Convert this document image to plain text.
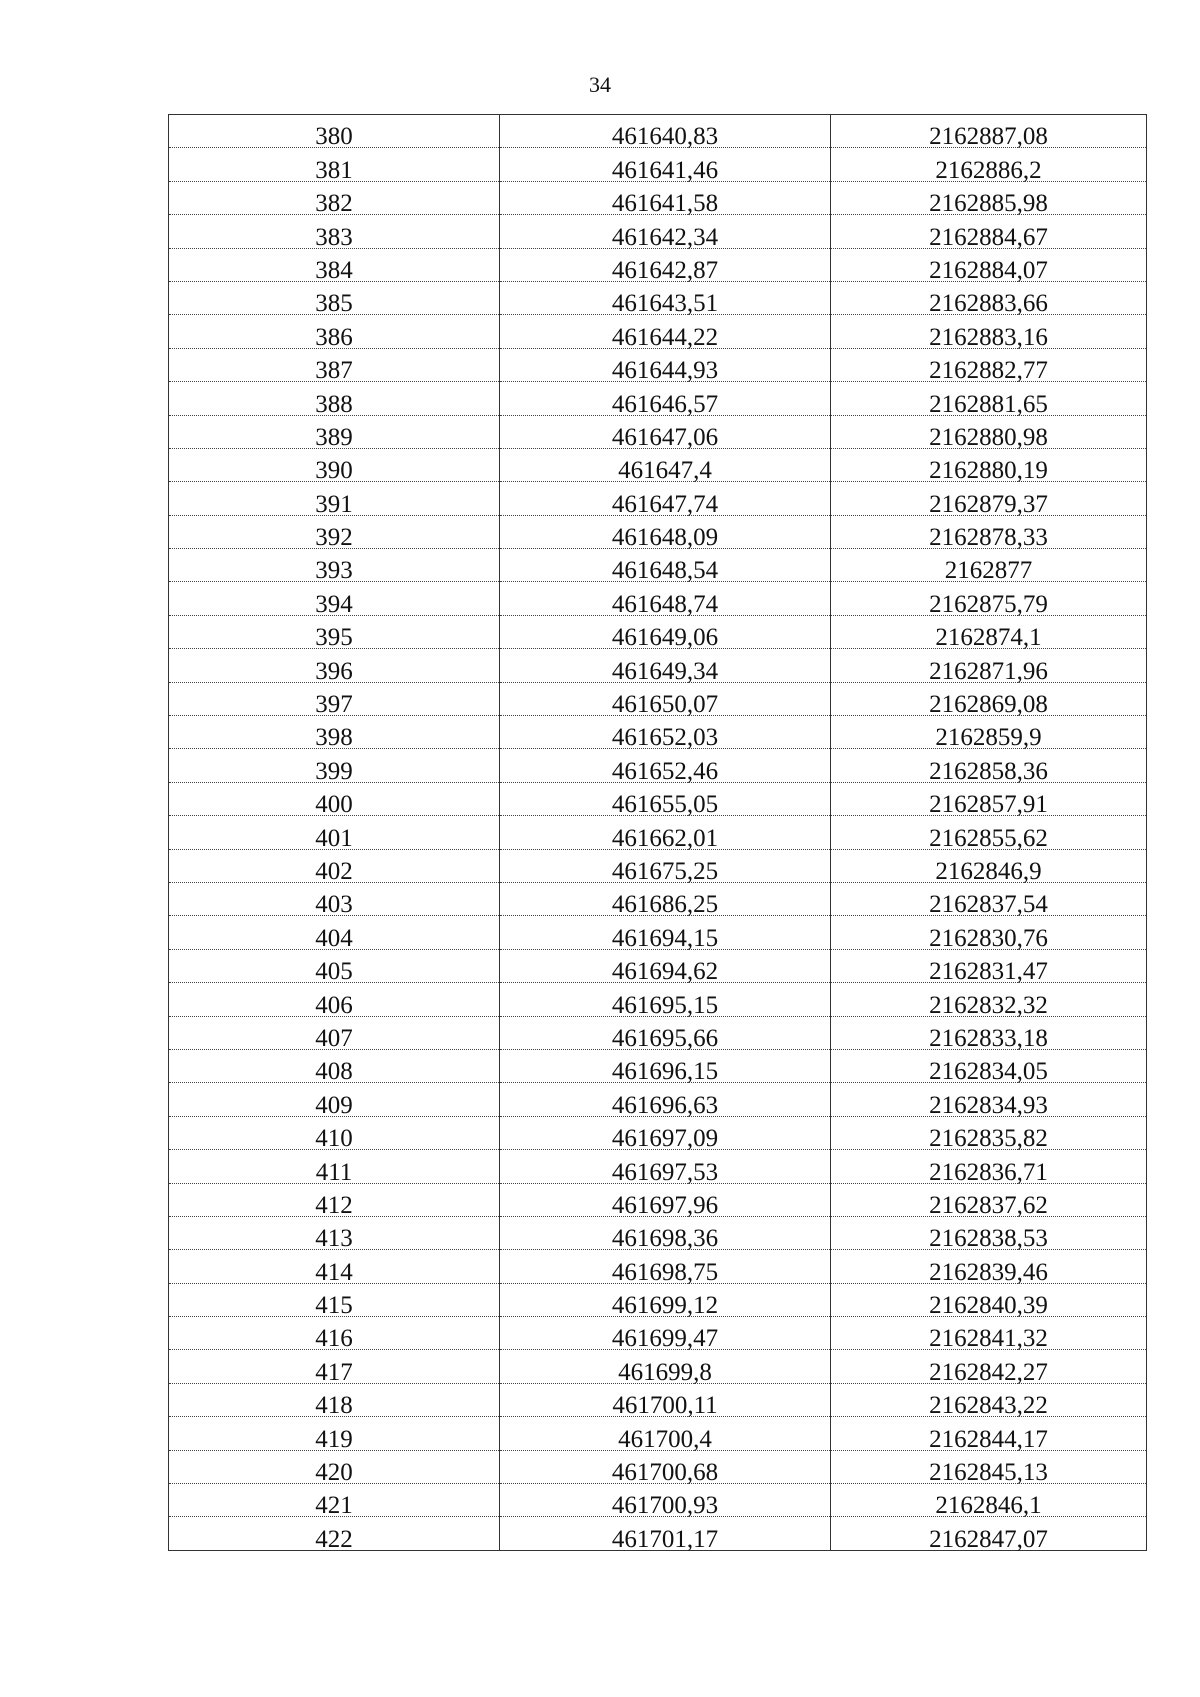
34
380	461640,83	2162887,08
381	461641,46	2162886,2
382	461641,58	2162885,98
383	461642,34	2162884,67
384	461642,87	2162884,07
385	461643,51	2162883,66
386	461644,22	2162883,16
387	461644,93	2162882,77
388	461646,57	2162881,65
389	461647,06	2162880,98
390	461647,4	2162880,19
391	461647,74	2162879,37
392	461648,09	2162878,33
393	461648,54	2162877
394	461648,74	2162875,79
395	461649,06	2162874,1
396	461649,34	2162871,96
397	461650,07	2162869,08
398	461652,03	2162859,9
399	461652,46	2162858,36
400	461655,05	2162857,91
401	461662,01	2162855,62
402	461675,25	2162846,9
403	461686,25	2162837,54
404	461694,15	2162830,76
405	461694,62	2162831,47
406	461695,15	2162832,32
407	461695,66	2162833,18
408	461696,15	2162834,05
409	461696,63	2162834,93
410	461697,09	2162835,82
411	461697,53	2162836,71
412	461697,96	2162837,62
413	461698,36	2162838,53
414	461698,75	2162839,46
415	461699,12	2162840,39
416	461699,47	2162841,32
417	461699,8	2162842,27
418	461700,11	2162843,22
419	461700,4	2162844,17
420	461700,68	2162845,13
421	461700,93	2162846,1
422	461701,17	2162847,07
